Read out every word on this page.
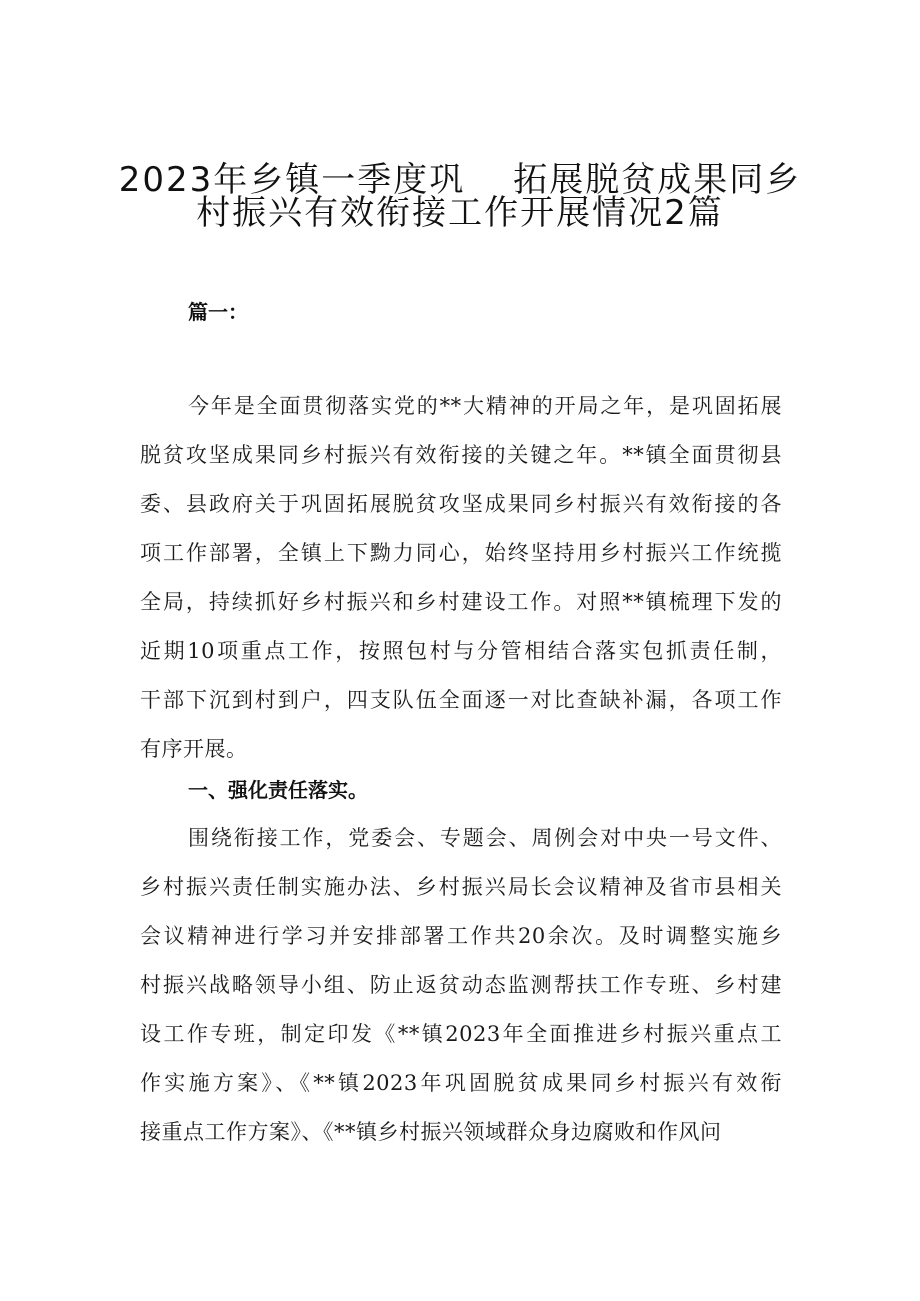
2023年乡镇一季度巩 拓展脱贫成果同乡
村振兴有效衔接工作开展情况2篇
篇一：
今年是全面贯彻落实党的**大精神的开局之年，是巩固拓展
脱贫攻坚成果同乡村振兴有效衔接的关键之年。**镇全面贯彻县
委、县政府关于巩固拓展脱贫攻坚成果同乡村振兴有效衔接的各
项工作部署，全镇上下黝力同心，始终坚持用乡村振兴工作统揽
全局，持续抓好乡村振兴和乡村建设工作。对照**镇梳理下发的
近期10项重点工作，按照包村与分管相结合落实包抓责任制，
干部下沉到村到户，四支队伍全面逐一对比查缺补漏，各项工作
有序开展。
一、强化责任落实。
围绕衔接工作，党委会、专题会、周例会对中央一号文件、
乡村振兴责任制实施办法、乡村振兴局长会议精神及省市县相关
会议精神进行学习并安排部署工作共20余次。及时调整实施乡
村振兴战略领导小组、防止返贫动态监测帮扶工作专班、乡村建
设工作专班，制定印发《**镇2023年全面推进乡村振兴重点工
作实施方案》、《**镇2023年巩固脱贫成果同乡村振兴有效衔
接重点工作方案》、《**镇乡村振兴领域群众身边腐败和作风问
